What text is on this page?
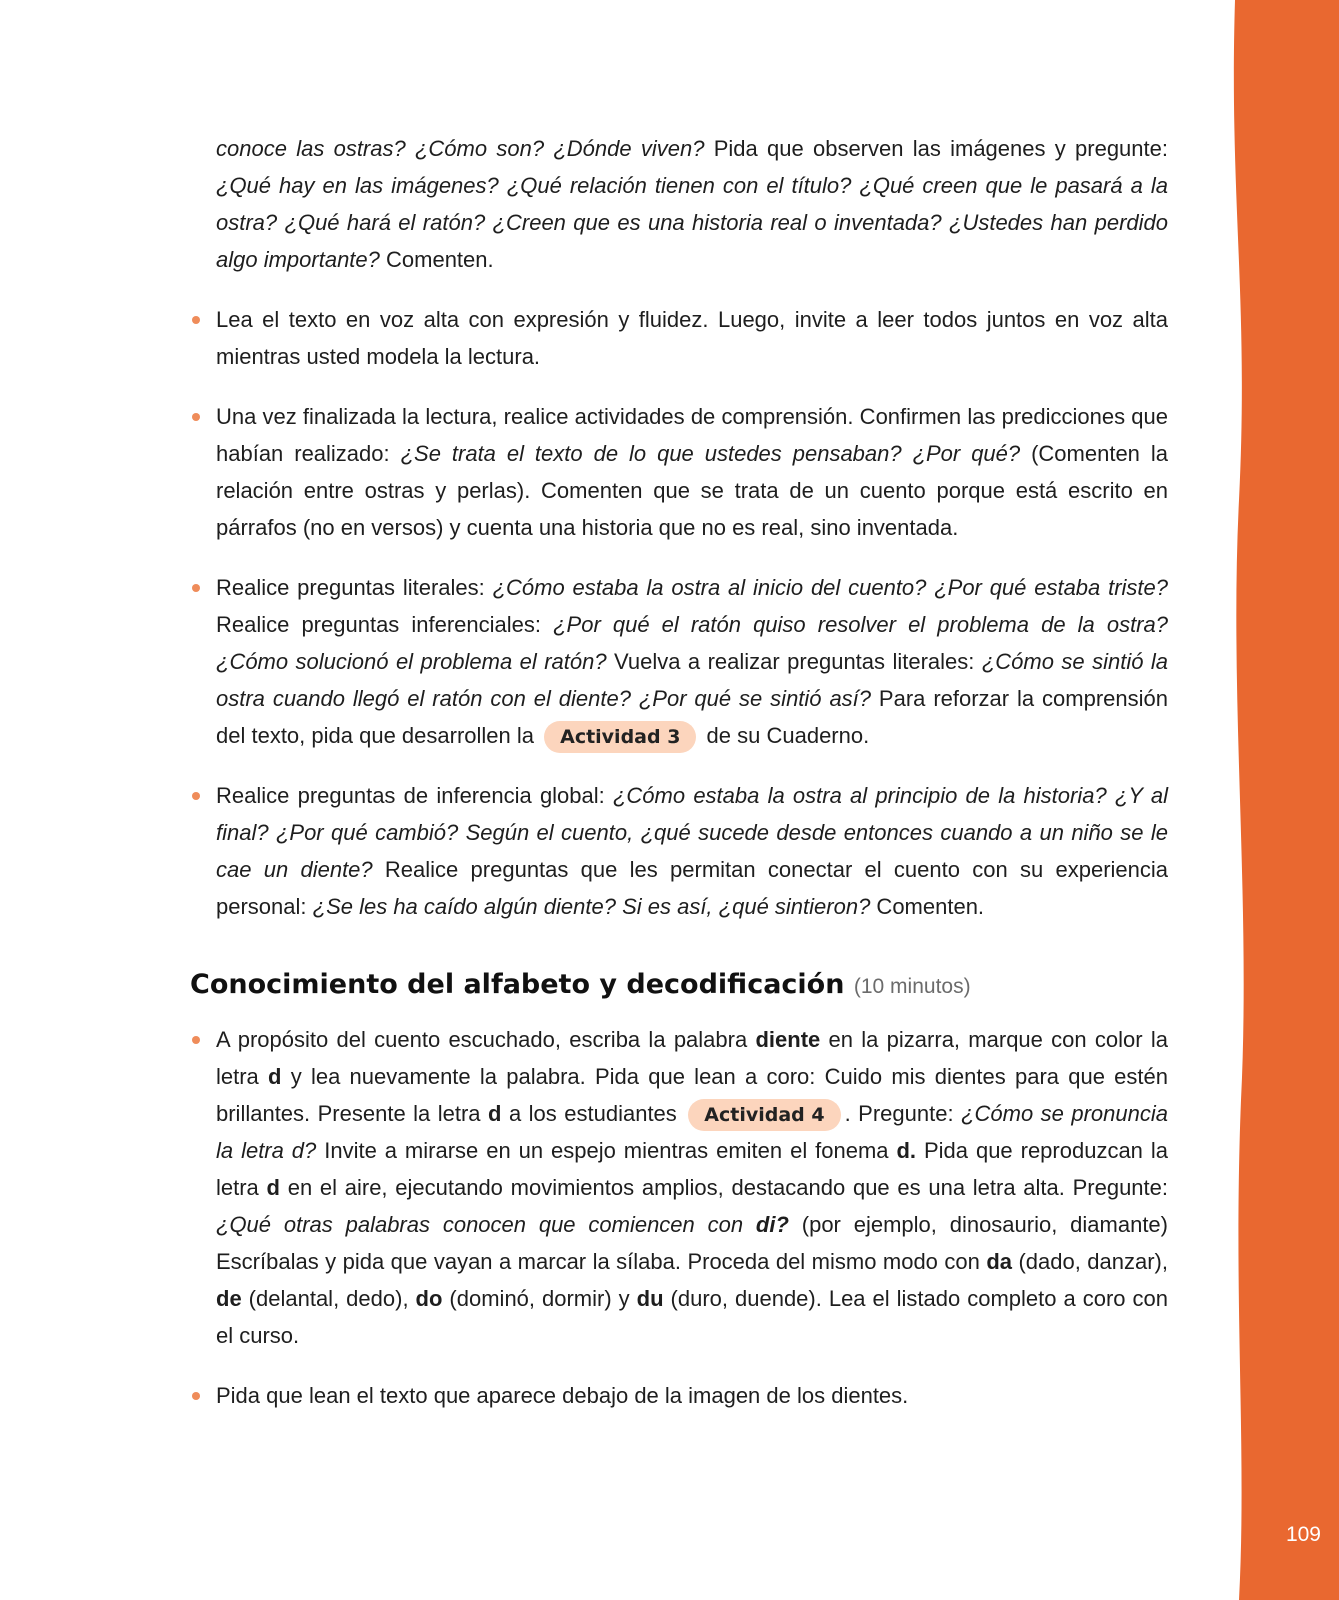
109

conoce las ostras? ¿Cómo son? ¿Dónde viven? Pida que observen las imágenes y pregunte: ¿Qué hay en las imágenes? ¿Qué relación tienen con el título? ¿Qué creen que le pasará a la ostra? ¿Qué hará el ratón? ¿Creen que es una historia real o inventada? ¿Ustedes han perdido algo importante? Comenten.

Lea el texto en voz alta con expresión y fluidez. Luego, invite a leer todos juntos en voz alta mientras usted modela la lectura.
Una vez finalizada la lectura, realice actividades de comprensión. Confirmen las predicciones que habían realizado: ¿Se trata el texto de lo que ustedes pensaban? ¿Por qué? (Comenten la relación entre ostras y perlas). Comenten que se trata de un cuento porque está escrito en párrafos (no en versos) y cuenta una historia que no es real, sino inventada.
Realice preguntas literales: ¿Cómo estaba la ostra al inicio del cuento? ¿Por qué estaba triste? Realice preguntas inferenciales: ¿Por qué el ratón quiso resolver el problema de la ostra? ¿Cómo solucionó el problema el ratón? Vuelva a realizar preguntas literales: ¿Cómo se sintió la ostra cuando llegó el ratón con el diente? ¿Por qué se sintió así? Para reforzar la comprensión del texto, pida que desarrollen la Actividad 3 de su Cuaderno.
Realice preguntas de inferencia global: ¿Cómo estaba la ostra al principio de la historia? ¿Y al final? ¿Por qué cambió? Según el cuento, ¿qué sucede desde entonces cuando a un niño se le cae un diente? Realice preguntas que les permitan conectar el cuento con su experiencia personal: ¿Se les ha caído algún diente? Si es así, ¿qué sintieron? Comenten.
Conocimiento del alfabeto y decodificación (10 minutos)
A propósito del cuento escuchado, escriba la palabra diente en la pizarra, marque con color la letra d y lea nuevamente la palabra. Pida que lean a coro: Cuido mis dientes para que estén brillantes. Presente la letra d a los estudiantes Actividad 4 . Pregunte: ¿Cómo se pronuncia la letra d? Invite a mirarse en un espejo mientras emiten el fonema d. Pida que reproduzcan la letra d en el aire, ejecutando movimientos amplios, destacando que es una letra alta. Pregunte: ¿Qué otras palabras conocen que comiencen con di? (por ejemplo, dinosaurio, diamante) Escríbalas y pida que vayan a marcar la sílaba. Proceda del mismo modo con da (dado, danzar), de (delantal, dedo), do (dominó, dormir) y du (duro, duende). Lea el listado completo a coro con el curso.
Pida que lean el texto que aparece debajo de la imagen de los dientes.
